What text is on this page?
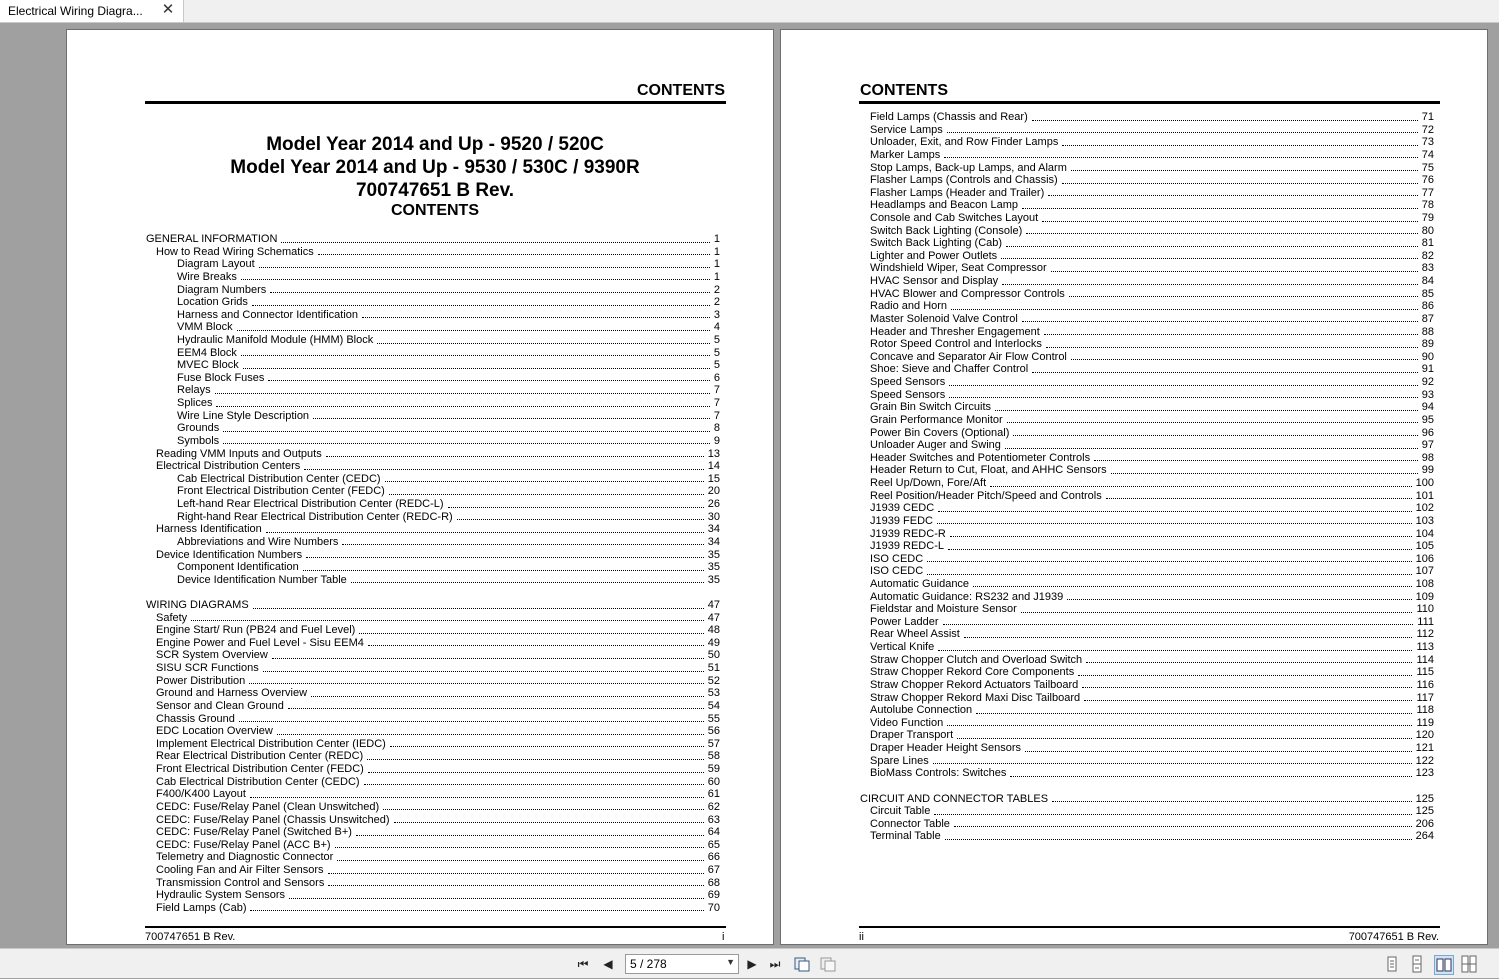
Electrical Wiring Diagra... ✕
CONTENTS
Model Year 2014 and Up - 9520 / 520C
Model Year 2014 and Up - 9530 / 530C / 9390R
700747651 B Rev.
CONTENTS
GENERAL INFORMATION	1
How to Read Wiring Schematics	1
Diagram Layout	1
Wire Breaks	1
Diagram Numbers	2
Location Grids	2
Harness and Connector Identification	3
VMM Block	4
Hydraulic Manifold Module (HMM) Block	5
EEM4 Block	5
MVEC Block	5
Fuse Block Fuses	6
Relays	7
Splices	7
Wire Line Style Description	7
Grounds	8
Symbols	9
Reading VMM Inputs and Outputs	13
Electrical Distribution Centers	14
Cab Electrical Distribution Center (CEDC)	15
Front Electrical Distribution Center (FEDC)	20
Left-hand Rear Electrical Distribution Center (REDC-L)	26
Right-hand Rear Electrical Distribution Center (REDC-R)	30
Harness Identification	34
Abbreviations and Wire Numbers	34
Device Identification Numbers	35
Component Identification	35
Device Identification Number Table	35
WIRING DIAGRAMS	47
Safety	47
Engine Start/ Run (PB24 and Fuel Level)	48
Engine Power and Fuel Level - Sisu EEM4	49
SCR System Overview	50
SISU SCR Functions	51
Power Distribution	52
Ground and Harness Overview	53
Sensor and Clean Ground	54
Chassis Ground	55
EDC Location Overview	56
Implement Electrical Distribution Center (IEDC)	57
Rear Electrical Distribution Center (REDC)	58
Front Electrical Distribution Center (FEDC)	59
Cab Electrical Distribution Center (CEDC)	60
F400/K400 Layout	61
CEDC: Fuse/Relay Panel (Clean Unswitched)	62
CEDC: Fuse/Relay Panel (Chassis Unswitched)	63
CEDC: Fuse/Relay Panel (Switched B+)	64
CEDC: Fuse/Relay Panel (ACC B+)	65
Telemetry and Diagnostic Connector	66
Cooling Fan and Air Filter Sensors	67
Transmission Control and Sensors	68
Hydraulic System Sensors	69
Field Lamps (Cab)	70
700747651 B Rev.	i
CONTENTS
Field Lamps (Chassis and Rear)	71
Service Lamps	72
Unloader, Exit, and Row Finder Lamps	73
Marker Lamps	74
Stop Lamps, Back-up Lamps, and Alarm	75
Flasher Lamps (Controls and Chassis)	76
Flasher Lamps (Header and Trailer)	77
Headlamps and Beacon Lamp	78
Console and Cab Switches Layout	79
Switch Back Lighting (Console)	80
Switch Back Lighting (Cab)	81
Lighter and Power Outlets	82
Windshield Wiper, Seat Compressor	83
HVAC Sensor and Display	84
HVAC Blower and Compressor Controls	85
Radio and Horn	86
Master Solenoid Valve Control	87
Header and Thresher Engagement	88
Rotor Speed Control and Interlocks	89
Concave and Separator Air Flow Control	90
Shoe: Sieve and Chaffer Control	91
Speed Sensors	92
Speed Sensors	93
Grain Bin Switch Circuits	94
Grain Performance Monitor	95
Power Bin Covers (Optional)	96
Unloader Auger and Swing	97
Header Switches and Potentiometer Controls	98
Header Return to Cut, Float, and AHHC Sensors	99
Reel Up/Down, Fore/Aft	100
Reel Position/Header Pitch/Speed and Controls	101
J1939 CEDC	102
J1939 FEDC	103
J1939 REDC-R	104
J1939 REDC-L	105
ISO CEDC	106
ISO CEDC	107
Automatic Guidance	108
Automatic Guidance: RS232 and J1939	109
Fieldstar and Moisture Sensor	110
Power Ladder	111
Rear Wheel Assist	112
Vertical Knife	113
Straw Chopper Clutch and Overload Switch	114
Straw Chopper Rekord Core Components	115
Straw Chopper Rekord Actuators Tailboard	116
Straw Chopper Rekord Maxi Disc Tailboard	117
Autolube Connection	118
Video Function	119
Draper Transport	120
Draper Header Height Sensors	121
Spare Lines	122
BioMass Controls: Switches	123
CIRCUIT AND CONNECTOR TABLES	125
Circuit Table	125
Connector Table	206
Terminal Table	264
ii	700747651 B Rev.
⏮	◀	5 / 278	▼	▶	⏭
